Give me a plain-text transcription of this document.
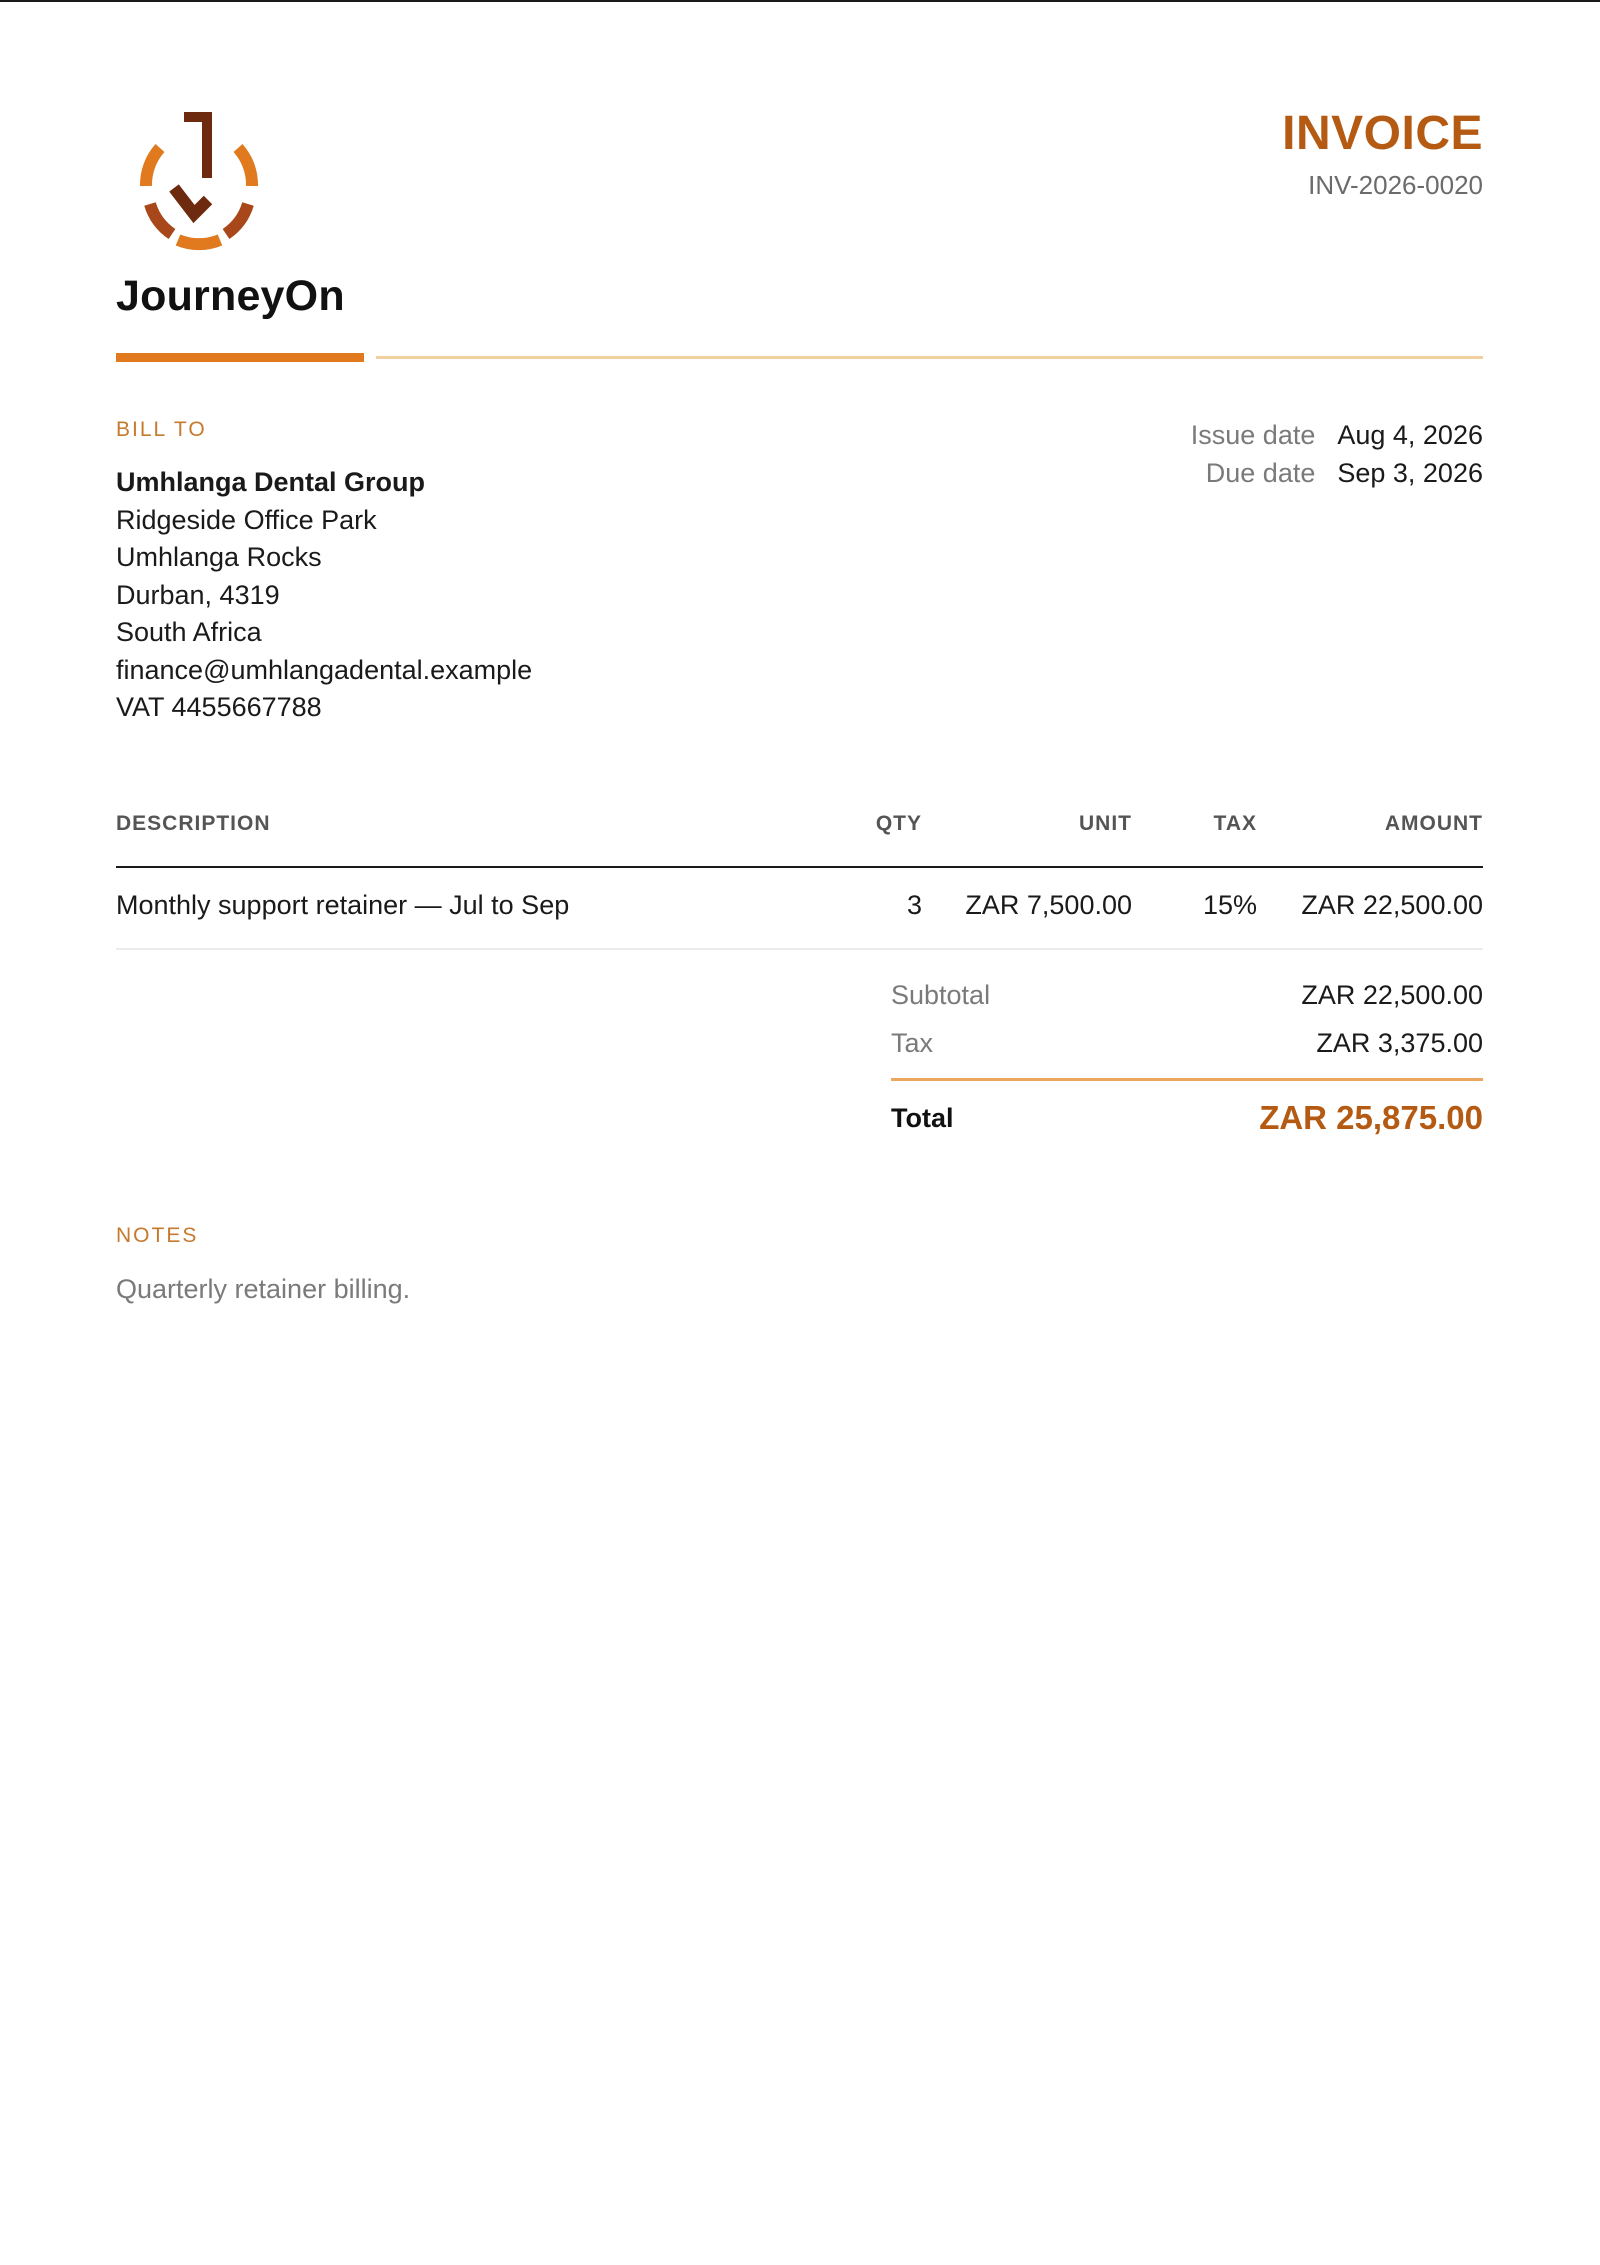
JourneyOn
INVOICE
INV-2026-0020
BILL TO
Umhlanga Dental Group
Ridgeside Office Park
Umhlanga Rocks
Durban, 4319
South Africa
finance@umhlangadental.example
VAT 4455667788
Issue date Aug 4, 2026
Due date Sep 3, 2026
DESCRIPTION	QTY	UNIT	TAX	AMOUNT
Monthly support retainer — Jul to Sep	3 ZAR 7,500.00	15% ZAR 22,500.00
Subtotal	ZAR 22,500.00
Tax	ZAR 3,375.00
Total	ZAR 25,875.00
NOTES
Quarterly retainer billing.
